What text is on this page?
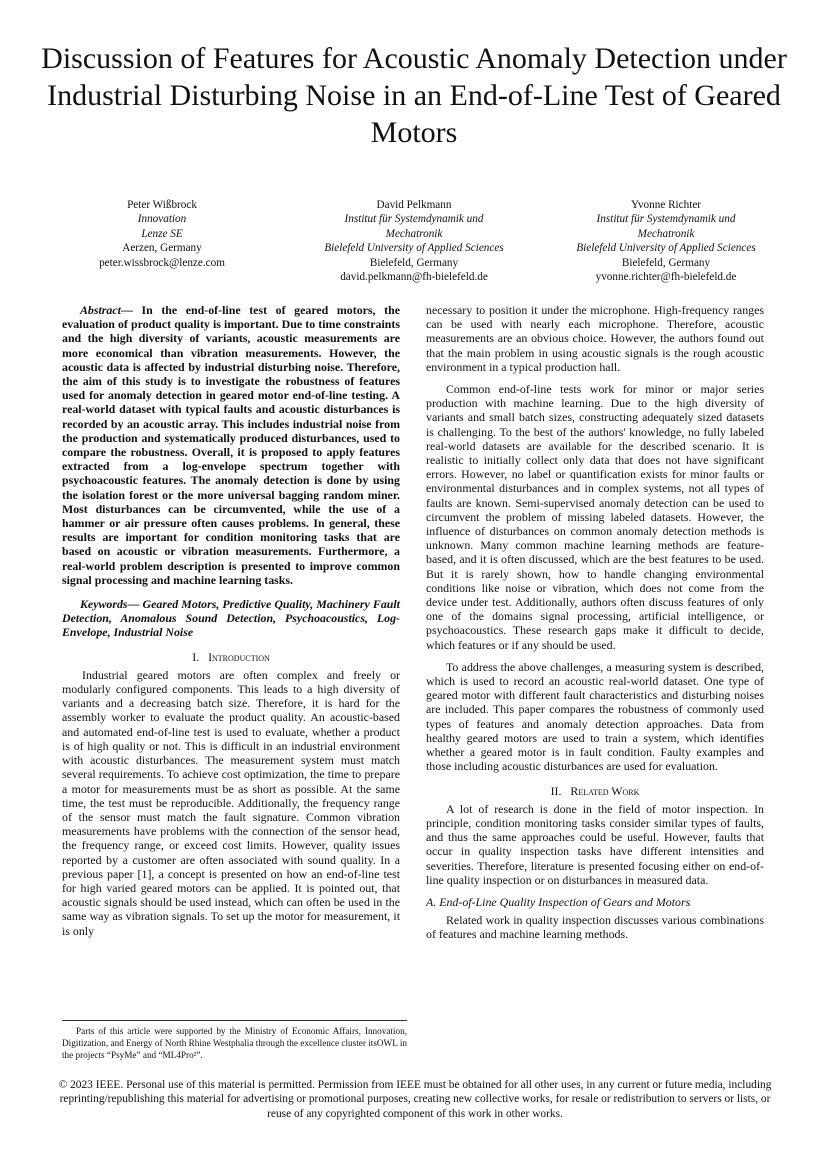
Discussion of Features for Acoustic Anomaly Detection under Industrial Disturbing Noise in an End-of-Line Test of Geared Motors
Peter Wißbrock
Innovation
Lenze SE
Aerzen, Germany
peter.wissbrock@lenze.com
David Pelkmann
Institut für Systemdynamik und
Mechatronik
Bielefeld University of Applied Sciences
Bielefeld, Germany
david.pelkmann@fh-bielefeld.de
Yvonne Richter
Institut für Systemdynamik und
Mechatronik
Bielefeld University of Applied Sciences
Bielefeld, Germany
yvonne.richter@fh-bielefeld.de

Abstract— In the end-of-line test of geared motors, the evaluation of product quality is important. Due to time constraints and the high diversity of variants, acoustic measurements are more economical than vibration measurements. However, the acoustic data is affected by industrial disturbing noise. Therefore, the aim of this study is to investigate the robustness of features used for anomaly detection in geared motor end-of-line testing. A real-world dataset with typical faults and acoustic disturbances is recorded by an acoustic array. This includes industrial noise from the production and systematically produced disturbances, used to compare the robustness. Overall, it is proposed to apply features extracted from a log-envelope spectrum together with psychoacoustic features. The anomaly detection is done by using the isolation forest or the more universal bagging random miner. Most disturbances can be circumvented, while the use of a hammer or air pressure often causes problems. In general, these results are important for condition monitoring tasks that are based on acoustic or vibration measurements. Furthermore, a real-world problem description is presented to improve common signal processing and machine learning tasks.

Keywords— Geared Motors, Predictive Quality, Machinery Fault Detection, Anomalous Sound Detection, Psychoacoustics, Log-Envelope, Industrial Noise

I. Introduction

Industrial geared motors are often complex and freely or modularly configured components. This leads to a high diversity of variants and a decreasing batch size. Therefore, it is hard for the assembly worker to evaluate the product quality. An acoustic-based and automated end-of-line test is used to evaluate, whether a product is of high quality or not. This is difficult in an industrial environment with acoustic disturbances. The measurement system must match several requirements. To achieve cost optimization, the time to prepare a motor for measurements must be as short as possible. At the same time, the test must be reproducible. Additionally, the frequency range of the sensor must match the fault signature. Common vibration measurements have problems with the connection of the sensor head, the frequency range, or exceed cost limits. However, quality issues reported by a customer are often associated with sound quality. In a previous paper [1], a concept is presented on how an end-of-line test for high varied geared motors can be applied. It is pointed out, that acoustic signals should be used instead, which can often be used in the same way as vibration signals. To set up the motor for measurement, it is only

necessary to position it under the microphone. High-frequency ranges can be used with nearly each microphone. Therefore, acoustic measurements are an obvious choice. However, the authors found out that the main problem in using acoustic signals is the rough acoustic environment in a typical production hall.

Common end-of-line tests work for minor or major series production with machine learning. Due to the high diversity of variants and small batch sizes, constructing adequately sized datasets is challenging. To the best of the authors' knowledge, no fully labeled real-world datasets are available for the described scenario. It is realistic to initially collect only data that does not have significant errors. However, no label or quantification exists for minor faults or environmental disturbances and in complex systems, not all types of faults are known. Semi-supervised anomaly detection can be used to circumvent the problem of missing labeled datasets. However, the influence of disturbances on common anomaly detection methods is unknown. Many common machine learning methods are feature-based, and it is often discussed, which are the best features to be used. But it is rarely shown, how to handle changing environmental conditions like noise or vibration, which does not come from the device under test. Additionally, authors often discuss features of only one of the domains signal processing, artificial intelligence, or psychoacoustics. These research gaps make it difficult to decide, which features or if any should be used.

To address the above challenges, a measuring system is described, which is used to record an acoustic real-world dataset. One type of geared motor with different fault characteristics and disturbing noises are included. This paper compares the robustness of commonly used types of features and anomaly detection approaches. Data from healthy geared motors are used to train a system, which identifies whether a geared motor is in fault condition. Faulty examples and those including acoustic disturbances are used for evaluation.

II. Related Work

A lot of research is done in the field of motor inspection. In principle, condition monitoring tasks consider similar types of faults, and thus the same approaches could be useful. However, faults that occur in quality inspection tasks have different intensities and severities. Therefore, literature is presented focusing either on end-of-line quality inspection or on disturbances in measured data.

A. End-of-Line Quality Inspection of Gears and Motors

Related work in quality inspection discusses various combinations of features and machine learning methods.

Parts of this article were supported by the Ministry of Economic Affairs, Innovation, Digitization, and Energy of North Rhine Westphalia through the excellence cluster itsOWL in the projects “PsyMe” and “ML4Pro²”.
© 2023 IEEE. Personal use of this material is permitted. Permission from IEEE must be obtained for all other uses, in any current or future media, including reprinting/republishing this material for advertising or promotional purposes, creating new collective works, for resale or redistribution to servers or lists, or reuse of any copyrighted component of this work in other works.
